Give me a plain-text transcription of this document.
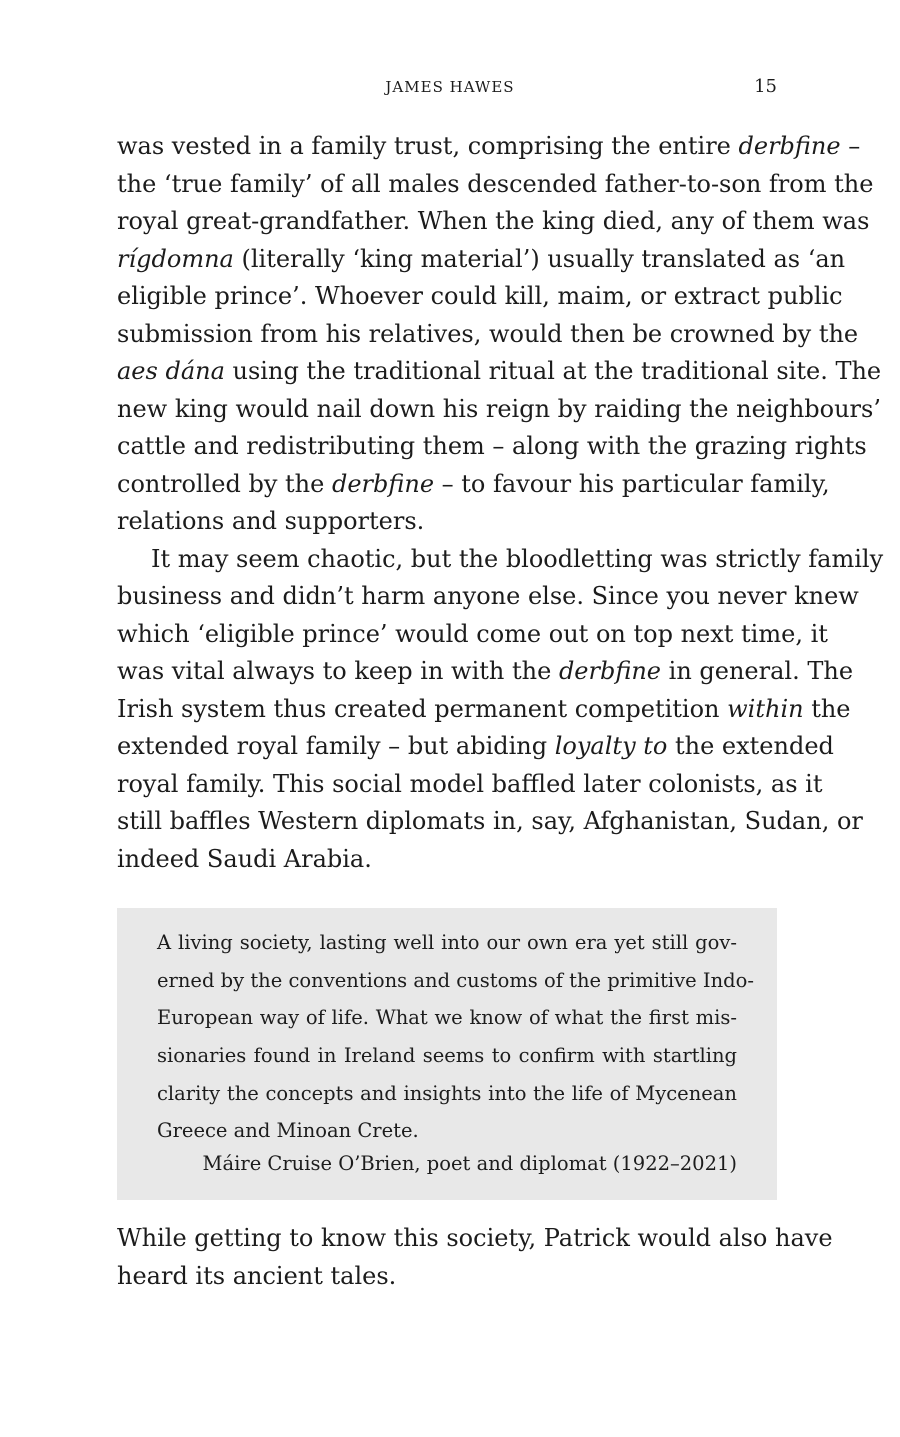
JAMES HAWES	15
was vested in a family trust, comprising the entire derbfine –
the ‘true family’ of all males descended father-to-son from the
royal great-grandfather. When the king died, any of them was
rígdomna (literally ‘king material’) usually translated as ‘an
eligible prince’. Whoever could kill, maim, or extract public
submission from his relatives, would then be crowned by the
aes dána using the traditional ritual at the traditional site. The
new king would nail down his reign by raiding the neighbours’
cattle and redistributing them – along with the grazing rights
controlled by the derbfine – to favour his particular family,
relations and supporters.
It may seem chaotic, but the bloodletting was strictly family
business and didn’t harm anyone else. Since you never knew
which ‘eligible prince’ would come out on top next time, it
was vital always to keep in with the derbfine in general. The
Irish system thus created permanent competition within the
extended royal family – but abiding loyalty to the extended
royal family. This social model baffled later colonists, as it
still baffles Western diplomats in, say, Afghanistan, Sudan, or
indeed Saudi Arabia.
A living society, lasting well into our own era yet still gov-
erned by the conventions and customs of the primitive Indo-
European way of life. What we know of what the first mis-
sionaries found in Ireland seems to confirm with startling
clarity the concepts and insights into the life of Mycenean
Greece and Minoan Crete.
Máire Cruise O’Brien, poet and diplomat (1922–2021)
While getting to know this society, Patrick would also have
heard its ancient tales.
